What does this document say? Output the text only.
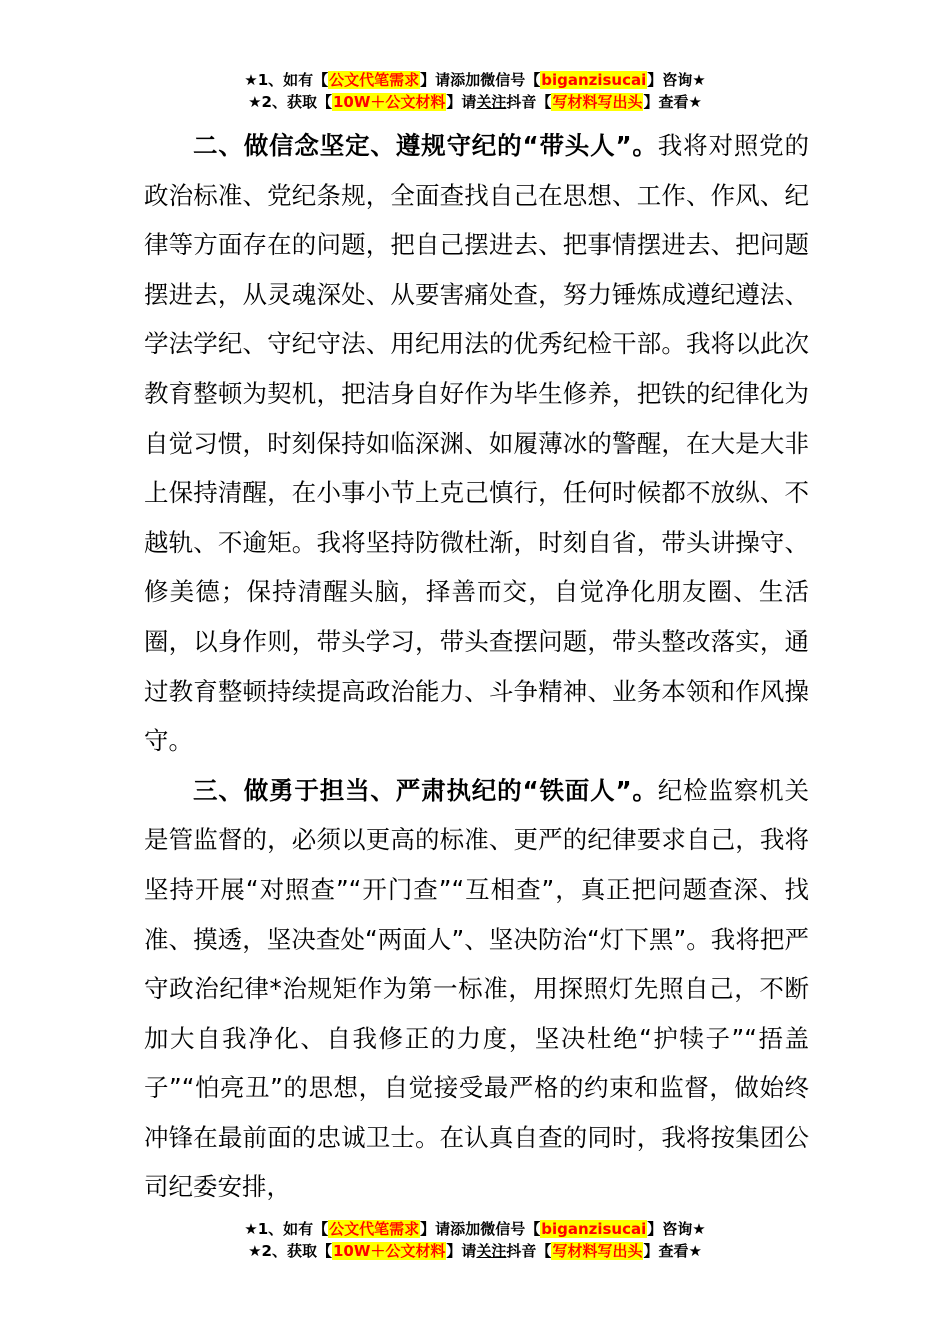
★1、如有【公文代笔需求】请添加微信号【biganzisucai】咨询★
★2、获取【10W＋公文材料】请关注抖音【写材料写出头】查看★

二、做信念坚定、遵规守纪的“带头人”。我将对照党的政治标准、党纪条规，全面查找自己在思想、工作、作风、纪律等方面存在的问题，把自己摆进去、把事情摆进去、把问题摆进去，从灵魂深处、从要害痛处查，努力锤炼成遵纪遵法、学法学纪、守纪守法、用纪用法的优秀纪检干部。我将以此次教育整顿为契机，把洁身自好作为毕生修养，把铁的纪律化为自觉习惯，时刻保持如临深渊、如履薄冰的警醒，在大是大非上保持清醒，在小事小节上克己慎行，任何时候都不放纵、不越轨、不逾矩。我将坚持防微杜渐，时刻自省，带头讲操守、修美德；保持清醒头脑，择善而交，自觉净化朋友圈、生活圈，以身作则，带头学习，带头查摆问题，带头整改落实，通过教育整顿持续提高政治能力、斗争精神、业务本领和作风操守。

三、做勇于担当、严肃执纪的“铁面人”。纪检监察机关是管监督的，必须以更高的标准、更严的纪律要求自己，我将坚持开展“对照查”“开门查”“互相查”，真正把问题查深、找准、摸透，坚决查处“两面人”、坚决防治“灯下黑”。我将把严守政治纪律*治规矩作为第一标准，用探照灯先照自己，不断加大自我净化、自我修正的力度，坚决杜绝“护犊子”“捂盖子”“怕亮丑”的思想，自觉接受最严格的约束和监督，做始终冲锋在最前面的忠诚卫士。在认真自查的同时，我将按集团公司纪委安排，

★1、如有【公文代笔需求】请添加微信号【biganzisucai】咨询★
★2、获取【10W＋公文材料】请关注抖音【写材料写出头】查看★
